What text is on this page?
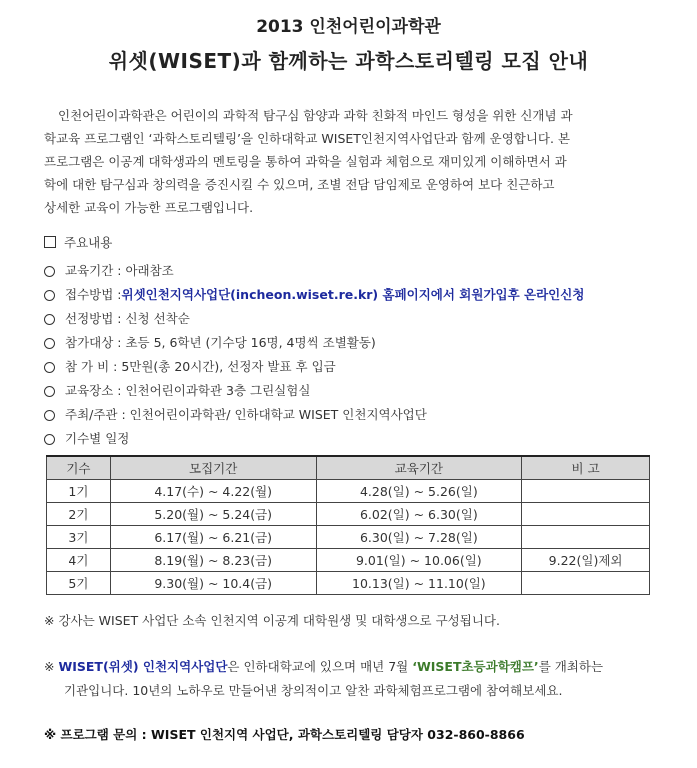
2013 인천어린이과학관
위셋(WISET)과 함께하는 과학스토리텔링 모집 안내
인천어린이과학관은 어린이의 과학적 탐구심 함양과 과학 친화적 마인드 형성을 위한 신개념 과
학교육 프로그램인 ‘과학스토리텔링’을 인하대학교 WISET인천지역사업단과 함께 운영합니다. 본
프로그램은 이공계 대학생과의 멘토링을 통하여 과학을 실험과 체험으로 재미있게 이해하면서 과
학에 대한 탐구심과 창의력을 증진시킬 수 있으며, 조별 전담 담임제로 운영하여 보다 친근하고
상세한 교육이 가능한 프로그램입니다.
주요내용
교육기간 : 아래참조
접수방법 : 위셋인천지역사업단(incheon.wiset.re.kr) 홈페이지에서 회원가입후 온라인신청
선정방법 : 신청 선착순
참가대상 : 초등 5, 6학년 (기수당 16명, 4명씩 조별활동)
참 가 비 : 5만원(총 20시간), 선정자 발표 후 입금
교육장소 : 인천어린이과학관 3층 그린실험실
주최/주관 : 인천어린이과학관/ 인하대학교 WISET 인천지역사업단
기수별 일정
기수	모집기간	교육기간	비 고
1기	4.17(수) ~ 4.22(월)	4.28(일) ~ 5.26(일)	
2기	5.20(월) ~ 5.24(금)	6.02(일) ~ 6.30(일)	
3기	6.17(월) ~ 6.21(금)	6.30(일) ~ 7.28(일)	
4기	8.19(월) ~ 8.23(금)	9.01(일) ~ 10.06(일)	9.22(일)제외
5기	9.30(월) ~ 10.4(금)	10.13(일) ~ 11.10(일)	
※ 강사는 WISET 사업단 소속 인천지역 이공계 대학원생 및 대학생으로 구성됩니다.
※ WISET(위셋) 인천지역사업단은 인하대학교에 있으며 매년 7월 ‘WISET초등과학캠프’를 개최하는
기관입니다. 10년의 노하우로 만들어낸 창의적이고 알찬 과학체험프로그램에 참여해보세요.
※ 프로그램 문의 : WISET 인천지역 사업단, 과학스토리텔링 담당자 032-860-8866
